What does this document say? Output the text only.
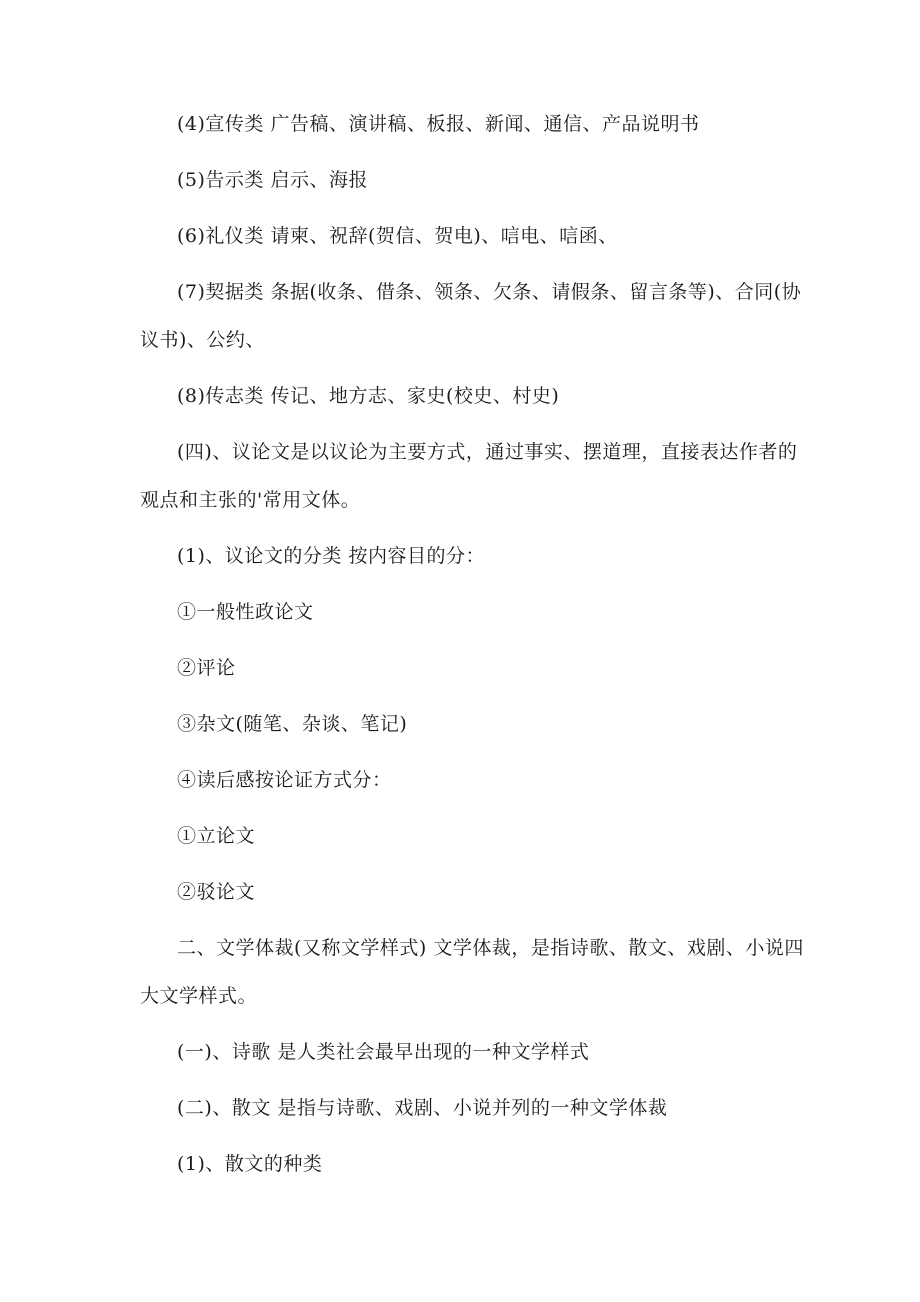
(4)宣传类 广告稿、演讲稿、板报、新闻、通信、产品说明书
(5)告示类 启示、海报
(6)礼仪类 请柬、祝辞(贺信、贺电)、唁电、唁函、
(7)契据类 条据(收条、借条、领条、欠条、请假条、留言条等)、合同(协
议书)、公约、
(8)传志类 传记、地方志、家史(校史、村史)
(四)、议论文是以议论为主要方式，通过事实、摆道理，直接表达作者的
观点和主张的'常用文体。
(1)、议论文的分类 按内容目的分：
①一般性政论文
②评论
③杂文(随笔、杂谈、笔记)
④读后感按论证方式分：
①立论文
②驳论文
二、文学体裁(又称文学样式) 文学体裁，是指诗歌、散文、戏剧、小说四
大文学样式。
(一)、诗歌 是人类社会最早出现的一种文学样式
(二)、散文 是指与诗歌、戏剧、小说并列的一种文学体裁
(1)、散文的种类
